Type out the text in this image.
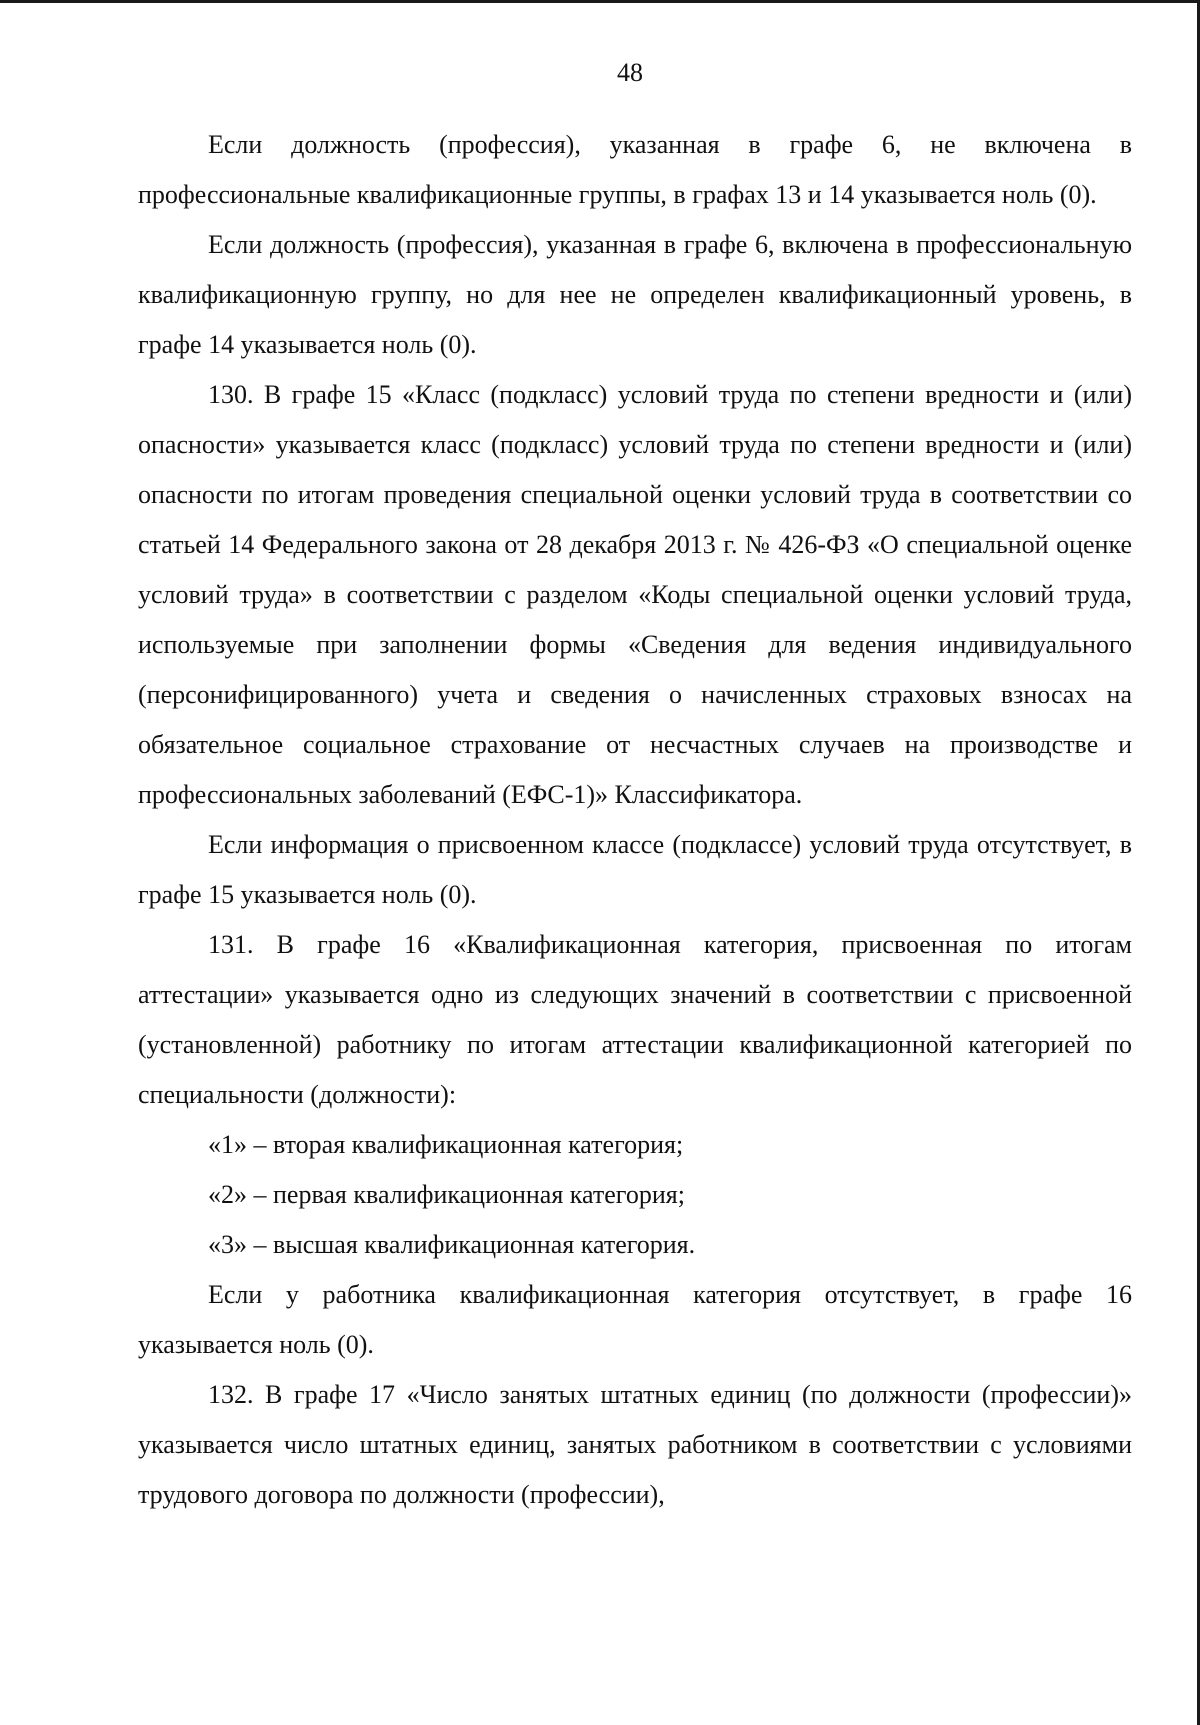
48

Если должность (профессия), указанная в графе 6, не включена в профессиональные квалификационные группы, в графах 13 и 14 указывается ноль (0).

Если должность (профессия), указанная в графе 6, включена в профессиональную квалификационную группу, но для нее не определен квалификационный уровень, в графе 14 указывается ноль (0).

130. В графе 15 «Класс (подкласс) условий труда по степени вредности и (или) опасности» указывается класс (подкласс) условий труда по степени вредности и (или) опасности по итогам проведения специальной оценки условий труда в соответствии со статьей 14 Федерального закона от 28 декабря 2013 г. № 426-ФЗ «О специальной оценке условий труда» в соответствии с разделом «Коды специальной оценки условий труда, используемые при заполнении формы «Сведения для ведения индивидуального (персонифицированного) учета и сведения о начисленных страховых взносах на обязательное социальное страхование от несчастных случаев на производстве и профессиональных заболеваний (ЕФС-1)» Классификатора.

Если информация о присвоенном классе (подклассе) условий труда отсутствует, в графе 15 указывается ноль (0).

131. В графе 16 «Квалификационная категория, присвоенная по итогам аттестации» указывается одно из следующих значений в соответствии с присвоенной (установленной) работнику по итогам аттестации квалификационной категорией по специальности (должности):

«1» – вторая квалификационная категория;

«2» – первая квалификационная категория;

«3» – высшая квалификационная категория.

Если у работника квалификационная категория отсутствует, в графе 16 указывается ноль (0).

132. В графе 17 «Число занятых штатных единиц (по должности (профессии)» указывается число штатных единиц, занятых работником в соответствии с условиями трудового договора по должности (профессии),
